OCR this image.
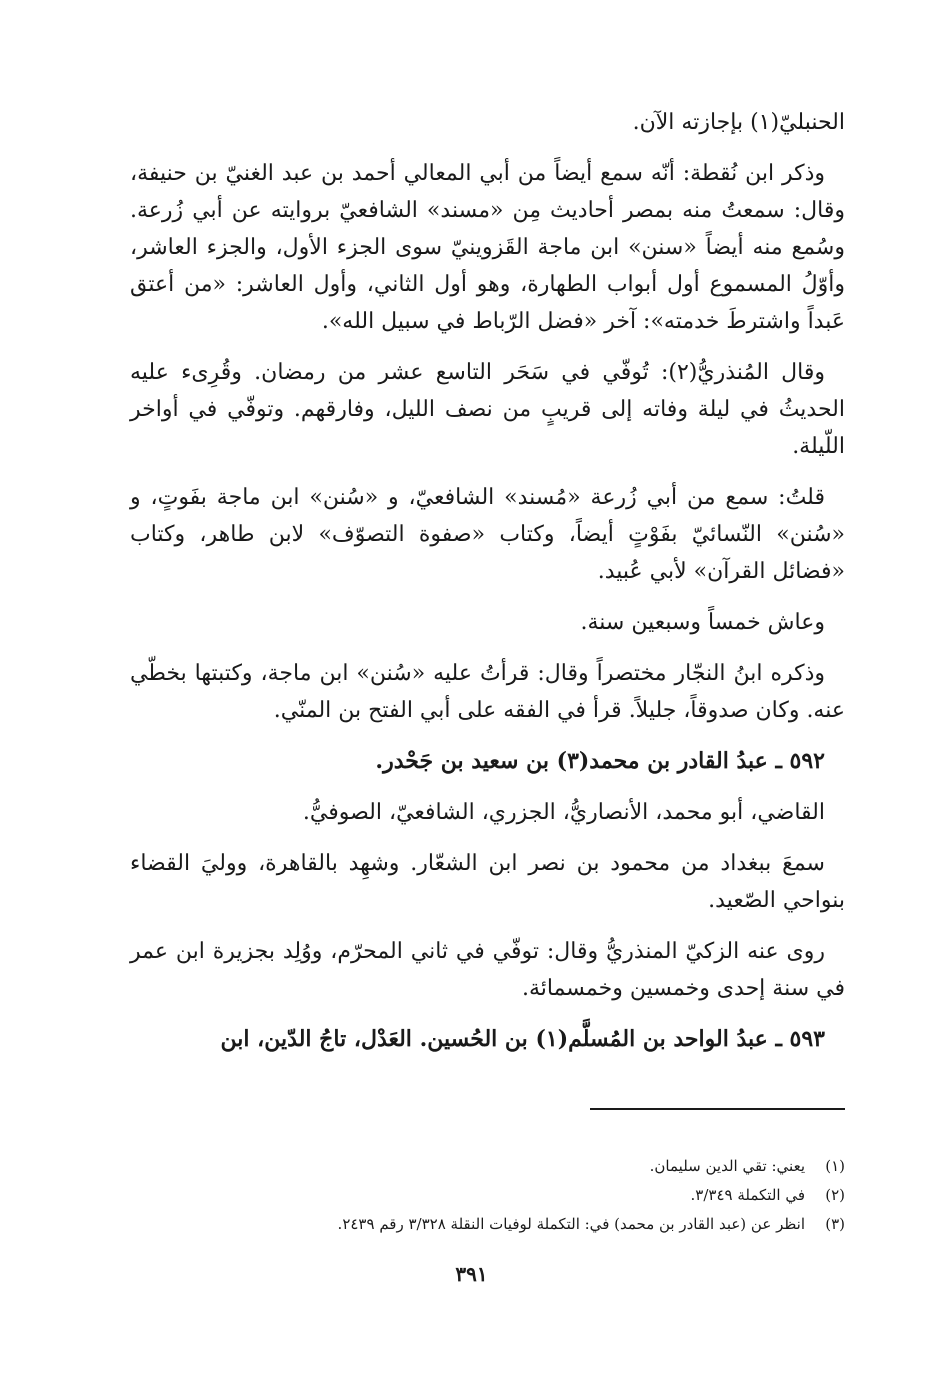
الحنبليّ(١) بإجازته الآن.

وذكر ابن نُقطة: أنّه سمع أيضاً من أبي المعالي أحمد بن عبد الغنيّ بن حنيفة، وقال: سمعتُ منه بمصر أحاديث مِن «مسند» الشافعيّ بروايته عن أبي زُرعة. وسُمع منه أيضاً «سنن» ابن ماجة القَزوينيّ سوى الجزء الأول، والجزء العاشر، وأوّلُ المسموع أول أبواب الطهارة، وهو أول الثاني، وأول العاشر: «من أعتق عَبداً واشترطَ خدمته»: آخر «فضل الرّباط في سبيل الله».

وقال المُنذريُّ(٢): تُوفّي في سَحَر التاسع عشر من رمضان. وقُرِىء عليه الحديثُ في ليلة وفاته إلى قريبٍ من نصف الليل، وفارقهم. وتوفّي في أواخر اللّيلة.

قلتُ: سمع من أبي زُرعة «مُسند» الشافعيّ، و «سُنن» ابن ماجة بفَوتٍ، و «سُنن» النّسائيّ بفَوْتٍ أيضاً، وكتاب «صفوة التصوّف» لابن طاهر، وكتاب «فضائل القرآن» لأبي عُبيد.

وعاش خمساً وسبعين سنة.

وذكره ابنُ النجّار مختصراً وقال: قرأتُ عليه «سُنن» ابن ماجة، وكتبتها بخطّي عنه. وكان صدوقاً، جليلاً. قرأ في الفقه على أبي الفتح بن المنّي.

٥٩٢ ـ عبدُ القادر بن محمد(٣) بن سعيد بن جَحْدر.

القاضي، أبو محمد، الأنصاريُّ، الجزري، الشافعيّ، الصوفيُّ.

سمعَ ببغداد من محمود بن نصر ابن الشعّار. وشهِد بالقاهرة، ووليَ القضاء بنواحي الصّعيد.

روى عنه الزكيّ المنذريُّ وقال: توفّي في ثاني المحرّم، ووُلِد بجزيرة ابن عمر في سنة إحدى وخمسين وخمسمائة.

٥٩٣ ـ عبدُ الواحد بن المُسلَّم(١) بن الحُسين. العَدْل، تاجُ الدّين، ابن

(١)
يعني: تقي الدين سليمان.
(٢)
في التكملة ٣/٣٤٩.
(٣)
انظر عن (عبد القادر بن محمد) في: التكملة لوفيات النقلة ٣/٣٢٨ رقم ٢٤٣٩.
٣٩١
